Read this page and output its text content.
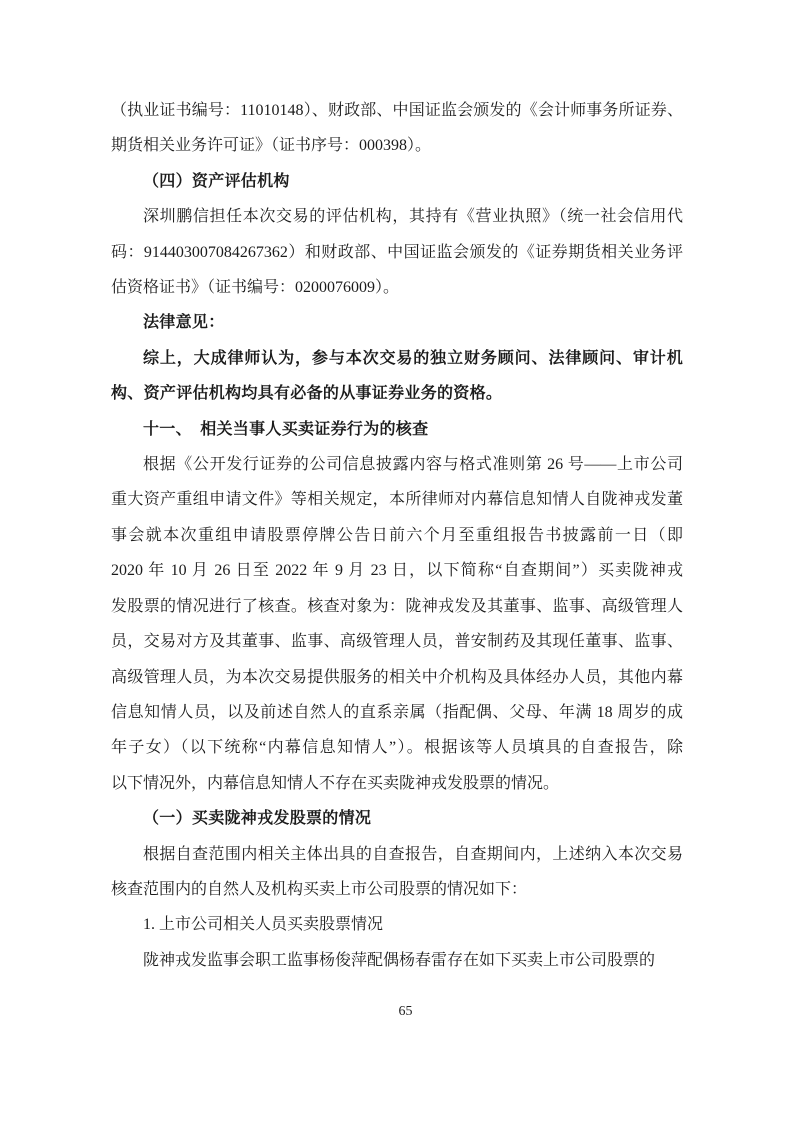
（执业证书编号：11010148）、财政部、中国证监会颁发的《会计师事务所证券、
期货相关业务许可证》（证书序号：000398）。

（四）资产评估机构

深圳鹏信担任本次交易的评估机构，其持有《营业执照》（统一社会信用代
码：914403007084267362）和财政部、中国证监会颁发的《证券期货相关业务评
估资格证书》（证书编号：0200076009）。

法律意见：

综上，大成律师认为，参与本次交易的独立财务顾问、法律顾问、审计机
构、资产评估机构均具有必备的从事证券业务的资格。

十一、　相关当事人买卖证券行为的核查

根据《公开发行证券的公司信息披露内容与格式准则第 26 号——上市公司
重大资产重组申请文件》等相关规定，本所律师对内幕信息知情人自陇神戎发董
事会就本次重组申请股票停牌公告日前六个月至重组报告书披露前一日（即
2020 年 10 月 26 日至 2022 年 9 月 23 日，以下简称“自查期间”）买卖陇神戎
发股票的情况进行了核查。核查对象为：陇神戎发及其董事、监事、高级管理人
员，交易对方及其董事、监事、高级管理人员，普安制药及其现任董事、监事、
高级管理人员，为本次交易提供服务的相关中介机构及具体经办人员，其他内幕
信息知情人员，以及前述自然人的直系亲属（指配偶、父母、年满 18 周岁的成
年子女）（以下统称“内幕信息知情人”）。根据该等人员填具的自查报告，除
以下情况外，内幕信息知情人不存在买卖陇神戎发股票的情况。

（一）买卖陇神戎发股票的情况

根据自查范围内相关主体出具的自查报告，自查期间内，上述纳入本次交易
核查范围内的自然人及机构买卖上市公司股票的情况如下：

1. 上市公司相关人员买卖股票情况

陇神戎发监事会职工监事杨俊萍配偶杨春雷存在如下买卖上市公司股票的

65
